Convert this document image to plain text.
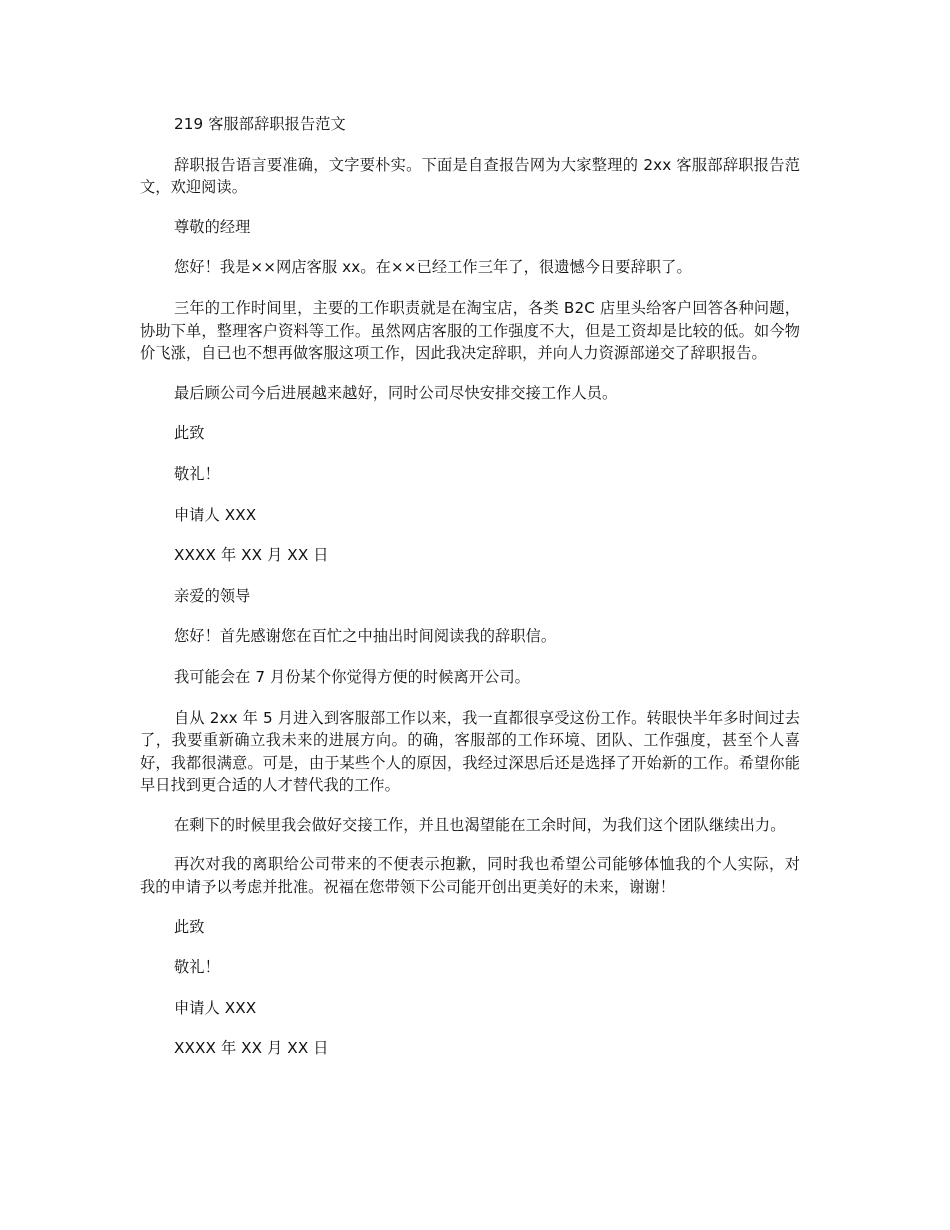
219 客服部辞职报告范文

辞职报告语言要准确，文字要朴实。下面是自查报告网为大家整理的 2xx 客服部辞职报告范文，欢迎阅读。

尊敬的经理

您好！我是××网店客服 xx。在××已经工作三年了，很遗憾今日要辞职了。

三年的工作时间里，主要的工作职责就是在淘宝店，各类 B2C 店里头给客户回答各种问题，协助下单，整理客户资料等工作。虽然网店客服的工作强度不大，但是工资却是比较的低。如今物价飞涨，自已也不想再做客服这项工作，因此我决定辞职，并向人力资源部递交了辞职报告。

最后顾公司今后进展越来越好，同时公司尽快安排交接工作人员。

此致

敬礼！

申请人 XXX

XXXX 年 XX 月 XX 日

亲爱的领导

您好！首先感谢您在百忙之中抽出时间阅读我的辞职信。

我可能会在 7 月份某个你觉得方便的时候离开公司。

自从 2xx 年 5 月进入到客服部工作以来，我一直都很享受这份工作。转眼快半年多时间过去了，我要重新确立我未来的进展方向。的确，客服部的工作环境、团队、工作强度，甚至个人喜好，我都很满意。可是，由于某些个人的原因，我经过深思后还是选择了开始新的工作。希望你能早日找到更合适的人才替代我的工作。

在剩下的时候里我会做好交接工作，并且也渴望能在工余时间，为我们这个团队继续出力。

再次对我的离职给公司带来的不便表示抱歉，同时我也希望公司能够体恤我的个人实际，对我的申请予以考虑并批准。祝福在您带领下公司能开创出更美好的未来，谢谢！

此致

敬礼！

申请人 XXX

XXXX 年 XX 月 XX 日
